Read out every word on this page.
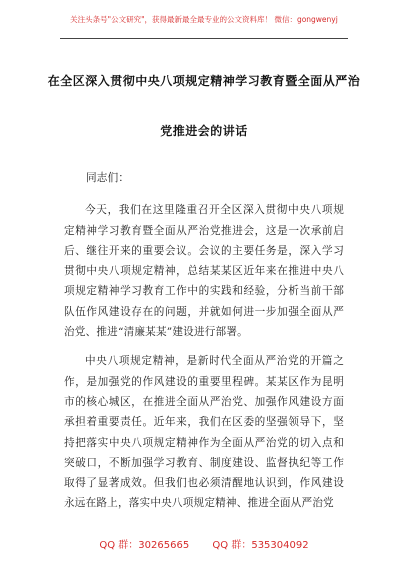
关注头条号"公文研究"，获得最新最全最专业的公文资料库！ 微信：gongwenyj
在全区深入贯彻中央八项规定精神学习教育暨全面从严治
党推进会的讲话

同志们：

今天，我们在这里隆重召开全区深入贯彻中央八项规定精神学习教育暨全面从严治党推进会，这是一次承前启后、继往开来的重要会议。会议的主要任务是，深入学习贯彻中央八项规定精神，总结某某区近年来在推进中央八项规定精神学习教育工作中的实践和经验，分析当前干部队伍作风建设存在的问题，并就如何进一步加强全面从严治党、推进“清廉某某”建设进行部署。

中央八项规定精神，是新时代全面从严治党的开篇之作，是加强党的作风建设的重要里程碑。某某区作为昆明市的核心城区，在推进全面从严治党、加强作风建设方面承担着重要责任。近年来，我们在区委的坚强领导下，坚持把落实中央八项规定精神作为全面从严治党的切入点和突破口，不断加强学习教育、制度建设、监督执纪等工作取得了显著成效。但我们也必须清醒地认识到，作风建设永远在路上，落实中央八项规定精神、推进全面从严治党

QQ 群：30265665 QQ 群：535304092
